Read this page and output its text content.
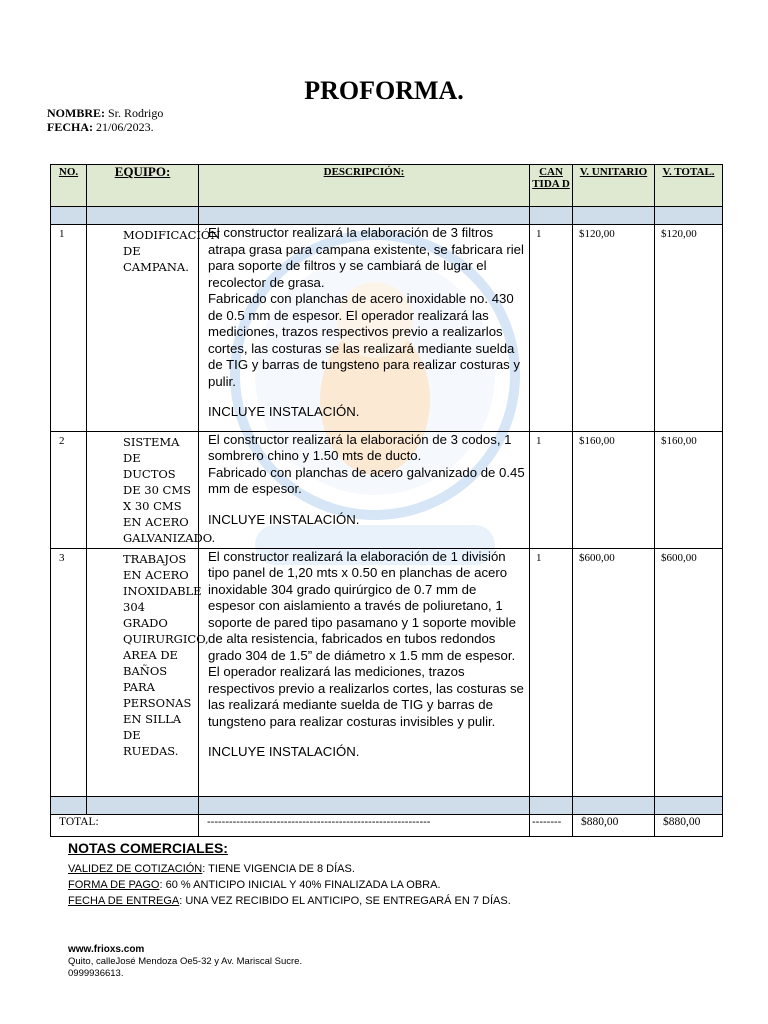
PROFORMA.
NOMBRE: Sr. Rodrigo
FECHA: 21/06/2023.
NO.	EQUIPO:	DESCRIPCIÓN:	CAN TIDA D	V. UNITARIO	V. TOTAL.

1	MODIFICACIÓN DE CAMPANA.	El constructor realizará la elaboración de 3 filtros atrapa grasa para campana existente, se fabricara riel para soporte de filtros y se cambiará de lugar el recolector de grasa.

Fabricado con planchas de acero inoxidable no. 430 de 0.5 mm de espesor. El operador realizará las mediciones, trazos respectivos previo a realizarlos cortes, las costuras se las realizará mediante suelda de TIG y barras de tungsteno para realizar costuras y pulir.

INCLUYE INSTALACIÓN.	1	$120,00	$120,00
2	SISTEMA DE DUCTOS DE 30 CMS X 30 CMS EN ACERO GALVANIZADO.	El constructor realizará la elaboración de 3 codos, 1 sombrero chino y 1.50 mts de ducto.

Fabricado con planchas de acero galvanizado de 0.45 mm de espesor.

INCLUYE INSTALACIÓN.	1	$160,00	$160,00
3	TRABAJOS EN ACERO INOXIDABLE 304 GRADO QUIRURGICO, AREA DE BAÑOS PARA PERSONAS EN SILLA DE RUEDAS.	El constructor realizará la elaboración de 1 división tipo panel de 1,20 mts x 0.50 en planchas de acero inoxidable 304 grado quirúrgico de 0.7 mm de espesor con aislamiento a través de poliuretano, 1 soporte de pared tipo pasamano y 1 soporte movible de alta resistencia, fabricados en tubos redondos grado 304 de 1.5” de diámetro x 1.5 mm de espesor. El operador realizará las mediciones, trazos respectivos previo a realizarlos cortes, las costuras se las realizará mediante suelda de TIG y barras de tungsteno para realizar costuras invisibles y pulir.

INCLUYE INSTALACIÓN.	1	$600,00	$600,00

TOTAL:		-------------------------------------------------------------	--------	$880,00	$880,00
NOTAS COMERCIALES:
VALIDEZ DE COTIZACIÓN: TIENE VIGENCIA DE 8 DÍAS.
FORMA DE PAGO: 60 % ANTICIPO INICIAL Y 40% FINALIZADA LA OBRA.
FECHA DE ENTREGA: UNA VEZ RECIBIDO EL ANTICIPO, SE ENTREGARÁ EN 7 DÍAS.
www.frioxs.com
Quito, calleJosé Mendoza Oe5-32 y Av. Mariscal Sucre.
0999936613.
